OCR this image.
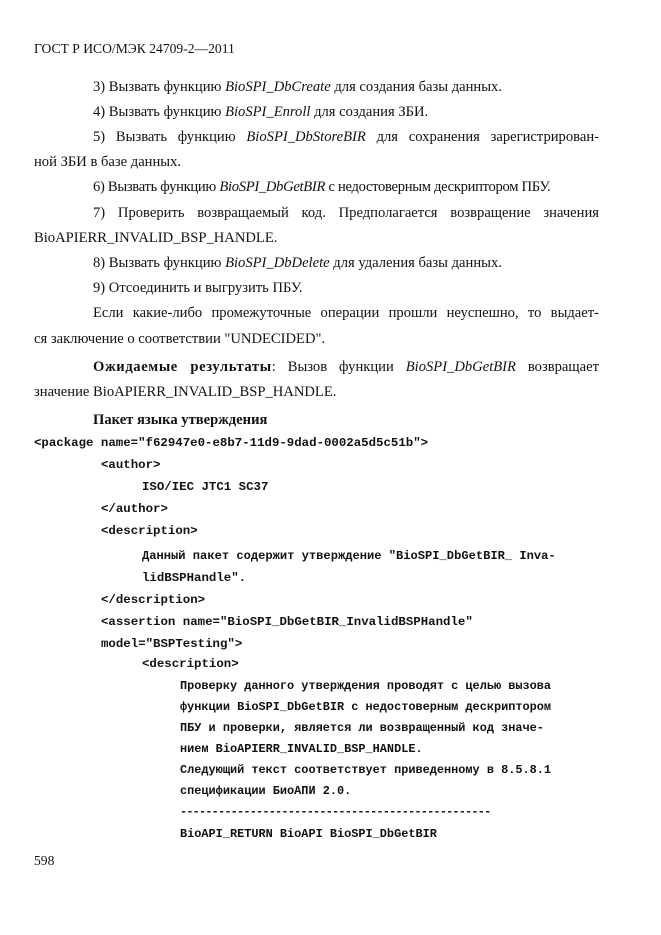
ГОСТ Р ИСО/МЭК 24709-2—2011
3) Вызвать функцию BioSPI_DbCreate для создания базы данных.
4) Вызвать функцию BioSPI_Enroll для создания ЗБИ.
5) Вызвать функцию BioSPI_DbStoreBIR для сохранения зарегистрирован-
ной ЗБИ в базе данных.
6) Вызвать функцию BioSPI_DbGetBIR с недостоверным дескриптором ПБУ.
7) Проверить возвращаемый код. Предполагается возвращение значения
BioAPIERR_INVALID_BSP_HANDLE.
8) Вызвать функцию BioSPI_DbDelete для удаления базы данных.
9) Отсоединить и выгрузить ПБУ.
Если какие-либо промежуточные операции прошли неуспешно, то выдает-
ся заключение о соответствии "UNDECIDED".
Ожидаемые результаты: Вызов функции BioSPI_DbGetBIR возвращает
значение BioAPIERR_INVALID_BSP_HANDLE.
Пакет языка утверждения
<package name="f62947e0-e8b7-11d9-9dad-0002a5d5c51b">
<author>
ISO/IEC JTC1 SC37
</author>
<description>
Данный пакет содержит утверждение "BioSPI_DbGetBIR_ Inva-
lidBSPHandle".
</description>
<assertion name="BioSPI_DbGetBIR_InvalidBSPHandle"
model="BSPTesting">
<description>
Проверку данного утверждения проводят с целью вызова
функции BioSPI_DbGetBIR с недостоверным дескриптором
ПБУ и проверки, является ли возвращенный код значе-
нием BioAPIERR_INVALID_BSP_HANDLE.
Следующий текст соответствует приведенному в 8.5.8.1
спецификации БиоАПИ 2.0.
-------------------------------------------------
BioAPI_RETURN BioAPI BioSPI_DbGetBIR
598
